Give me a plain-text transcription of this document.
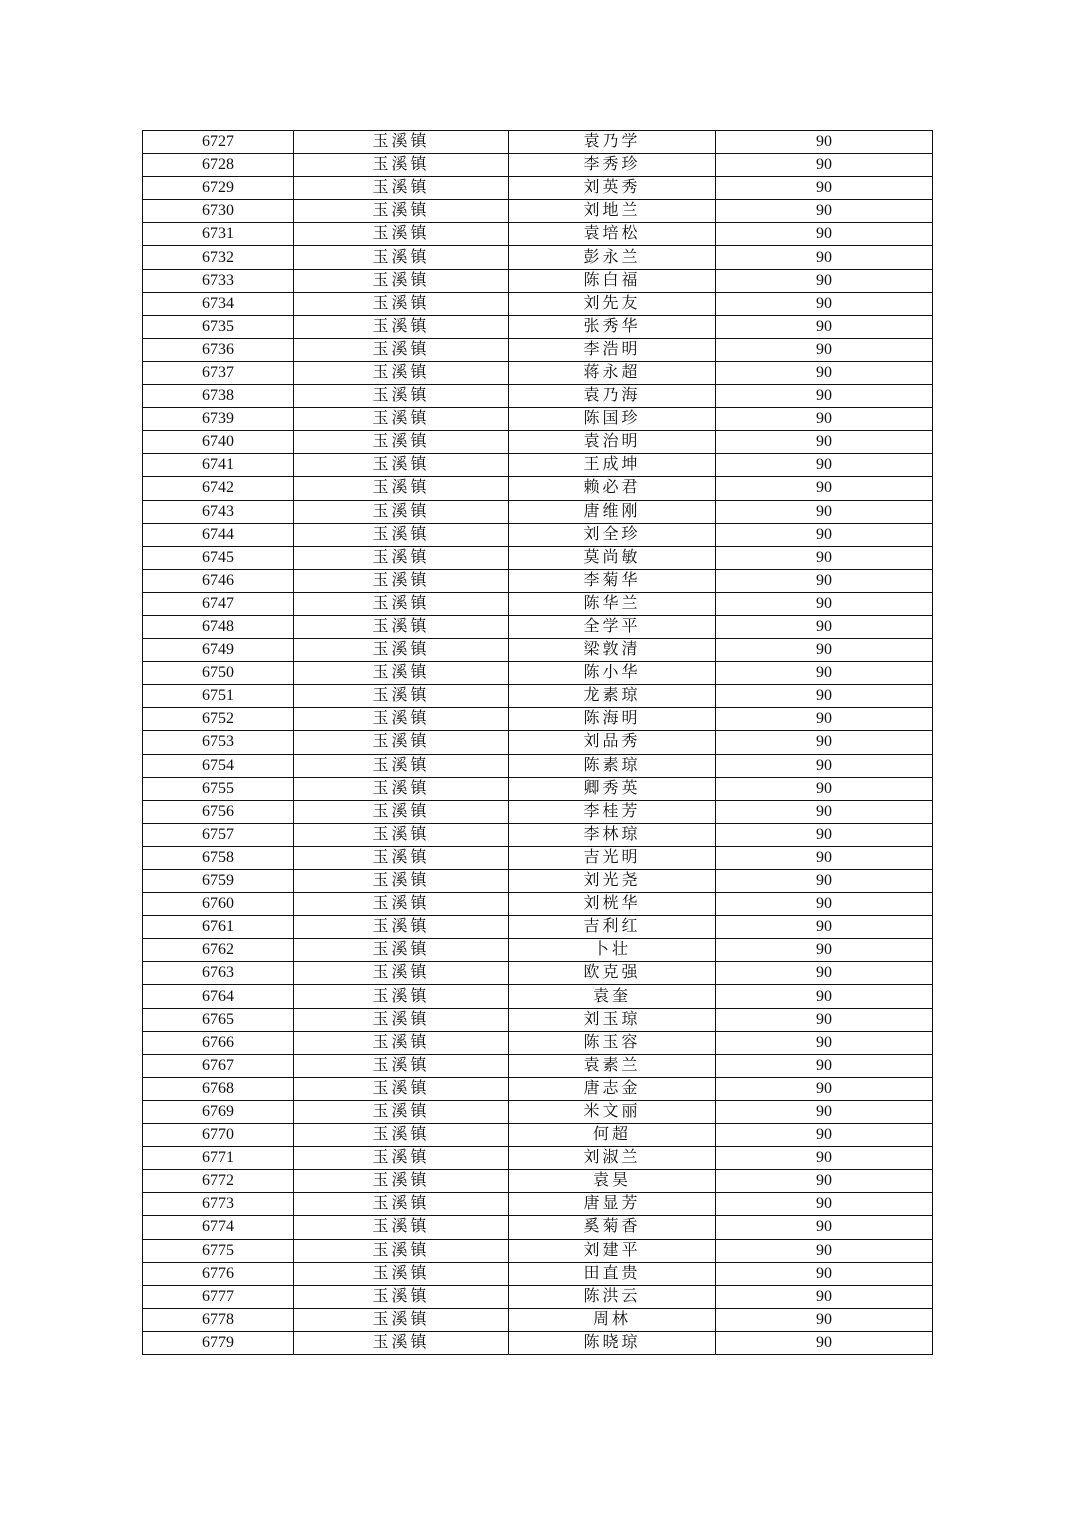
6727	玉溪镇	袁乃学	90
6728	玉溪镇	李秀珍	90
6729	玉溪镇	刘英秀	90
6730	玉溪镇	刘地兰	90
6731	玉溪镇	袁培松	90
6732	玉溪镇	彭永兰	90
6733	玉溪镇	陈白福	90
6734	玉溪镇	刘先友	90
6735	玉溪镇	张秀华	90
6736	玉溪镇	李浩明	90
6737	玉溪镇	蒋永超	90
6738	玉溪镇	袁乃海	90
6739	玉溪镇	陈国珍	90
6740	玉溪镇	袁治明	90
6741	玉溪镇	王成坤	90
6742	玉溪镇	赖必君	90
6743	玉溪镇	唐维刚	90
6744	玉溪镇	刘全珍	90
6745	玉溪镇	莫尚敏	90
6746	玉溪镇	李菊华	90
6747	玉溪镇	陈华兰	90
6748	玉溪镇	全学平	90
6749	玉溪镇	梁敦清	90
6750	玉溪镇	陈小华	90
6751	玉溪镇	龙素琼	90
6752	玉溪镇	陈海明	90
6753	玉溪镇	刘品秀	90
6754	玉溪镇	陈素琼	90
6755	玉溪镇	卿秀英	90
6756	玉溪镇	李桂芳	90
6757	玉溪镇	李林琼	90
6758	玉溪镇	吉光明	90
6759	玉溪镇	刘光尧	90
6760	玉溪镇	刘桄华	90
6761	玉溪镇	吉利红	90
6762	玉溪镇	卜壮	90
6763	玉溪镇	欧克强	90
6764	玉溪镇	袁奎	90
6765	玉溪镇	刘玉琼	90
6766	玉溪镇	陈玉容	90
6767	玉溪镇	袁素兰	90
6768	玉溪镇	唐志金	90
6769	玉溪镇	米文丽	90
6770	玉溪镇	何超	90
6771	玉溪镇	刘淑兰	90
6772	玉溪镇	袁昊	90
6773	玉溪镇	唐显芳	90
6774	玉溪镇	奚菊香	90
6775	玉溪镇	刘建平	90
6776	玉溪镇	田直贵	90
6777	玉溪镇	陈洪云	90
6778	玉溪镇	周林	90
6779	玉溪镇	陈晓琼	90
